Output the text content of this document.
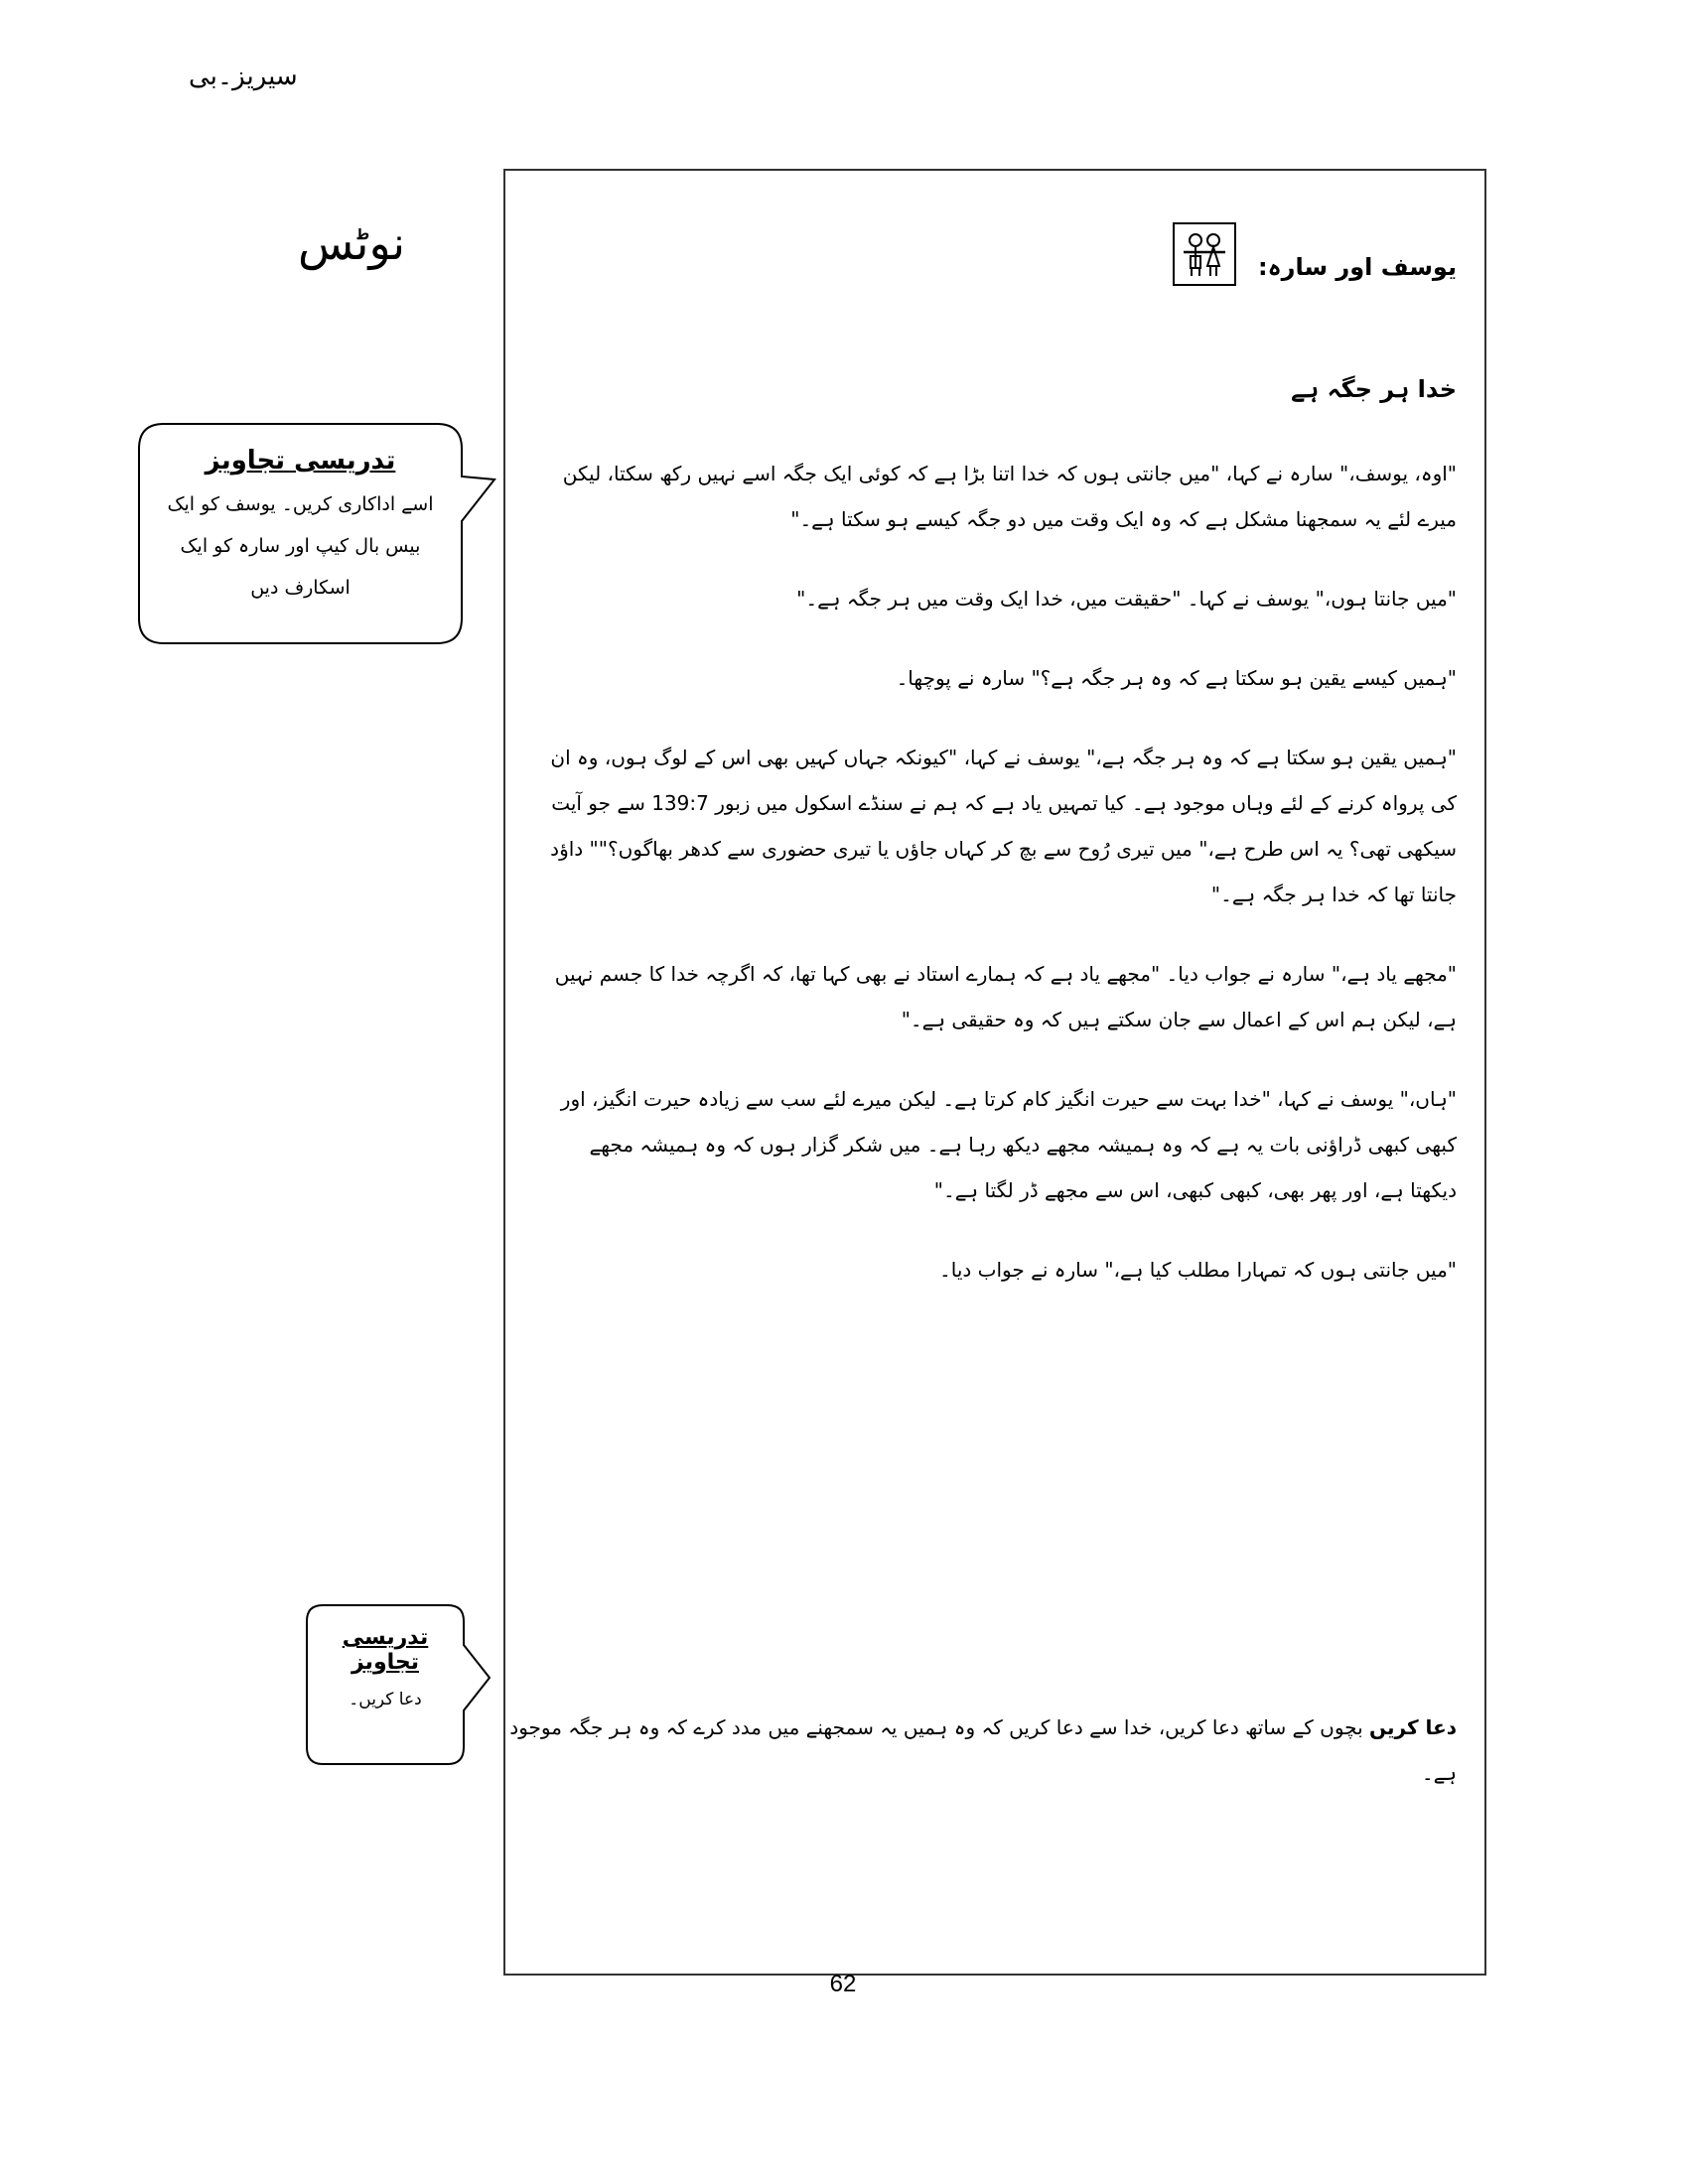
سیریز۔بی
نوٹس
تدریسی تجاویز
اسے اداکاری کریں۔ یوسف کو ایک
بیس بال کیپ اور سارہ کو ایک
اسکارف دیں
تدریسی تجاویز
دعا کریں۔
یوسف اور سارہ:
خدا ہر جگہ ہے

"اوہ، یوسف،" سارہ نے کہا، "میں جانتی ہوں کہ خدا اتنا بڑا ہے کہ کوئی ایک جگہ اسے نہیں رکھ سکتا، لیکن میرے لئے یہ سمجھنا مشکل ہے کہ وہ ایک وقت میں دو جگہ کیسے ہو سکتا ہے۔"

"میں جانتا ہوں،" یوسف نے کہا۔ "حقیقت میں، خدا ایک وقت میں ہر جگہ ہے۔"

"ہمیں کیسے یقین ہو سکتا ہے کہ وہ ہر جگہ ہے؟" سارہ نے پوچھا۔

"ہمیں یقین ہو سکتا ہے کہ وہ ہر جگہ ہے،" یوسف نے کہا، "کیونکہ جہاں کہیں بھی اس کے لوگ ہوں، وہ ان کی پرواہ کرنے کے لئے وہاں موجود ہے۔ کیا تمہیں یاد ہے کہ ہم نے سنڈے اسکول میں زبور 139:7 سے جو آیت سیکھی تھی؟ یہ اس طرح ہے،" میں تیری رُوح سے بچ کر کہاں جاؤں یا تیری حضوری سے کدھر بھاگوں؟"" داؤد جانتا تھا کہ خدا ہر جگہ ہے۔"

"مجھے یاد ہے،" سارہ نے جواب دیا۔ "مجھے یاد ہے کہ ہمارے استاد نے بھی کہا تھا، کہ اگرچہ خدا کا جسم نہیں ہے، لیکن ہم اس کے اعمال سے جان سکتے ہیں کہ وہ حقیقی ہے۔"

"ہاں،" یوسف نے کہا، "خدا بہت سے حیرت انگیز کام کرتا ہے۔ لیکن میرے لئے سب سے زیادہ حیرت انگیز، اور کبھی کبھی ڈراؤنی بات یہ ہے کہ وہ ہمیشہ مجھے دیکھ رہا ہے۔ میں شکر گزار ہوں کہ وہ ہمیشہ مجھے دیکھتا ہے، اور پھر بھی، کبھی کبھی، اس سے مجھے ڈر لگتا ہے۔"

"میں جانتی ہوں کہ تمہارا مطلب کیا ہے،" سارہ نے جواب دیا۔

دعا کریں بچوں کے ساتھ دعا کریں، خدا سے دعا کریں کہ وہ ہمیں یہ سمجھنے میں مدد کرے کہ وہ ہر جگہ موجود ہے۔
62
